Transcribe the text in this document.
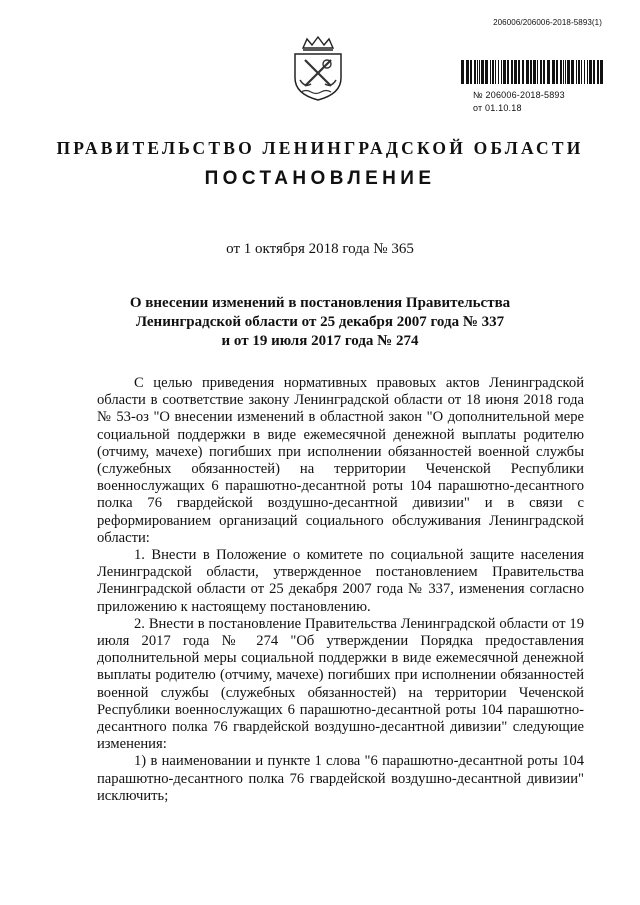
206006/206006-2018-5893(1)
№ 206006-2018-5893
от 01.10.18
ПРАВИТЕЛЬСТВО ЛЕНИНГРАДСКОЙ ОБЛАСТИ
ПОСТАНОВЛЕНИЕ
от 1 октября 2018 года № 365
О внесении изменений в постановления Правительства
Ленинградской области от 25 декабря 2007 года № 337
и от 19 июля 2017 года № 274

С целью приведения нормативных правовых актов Ленинградской области в соответствие закону Ленинградской области от 18 июня 2018 года № 53-оз "О внесении изменений в областной закон "О дополнительной мере социальной поддержки в виде ежемесячной денежной выплаты родителю (отчиму, мачехе) погибших при исполнении обязанностей военной службы (служебных обязанностей) на территории Чеченской Республики военнослужащих 6 парашютно-десантной роты 104 парашютно-десантного полка 76 гвардейской воздушно-десантной дивизии" и в связи с реформированием организаций социального обслуживания Ленинградской области:

1. Внести в Положение о комитете по социальной защите населения Ленинградской области, утвержденное постановлением Правительства Ленинградской области от 25 декабря 2007 года № 337, изменения согласно приложению к настоящему постановлению.

2. Внести в постановление Правительства Ленинградской области от 19 июля 2017 года № 274 "Об утверждении Порядка предоставления дополнительной меры социальной поддержки в виде ежемесячной денежной выплаты родителю (отчиму, мачехе) погибших при исполнении обязанностей военной службы (служебных обязанностей) на территории Чеченской Республики военнослужащих 6 парашютно-десантной роты 104 парашютно-десантного полка 76 гвардейской воздушно-десантной дивизии" следующие изменения:

1) в наименовании и пункте 1 слова "6 парашютно-десантной роты 104 парашютно-десантного полка 76 гвардейской воздушно-десантной дивизии" исключить;
